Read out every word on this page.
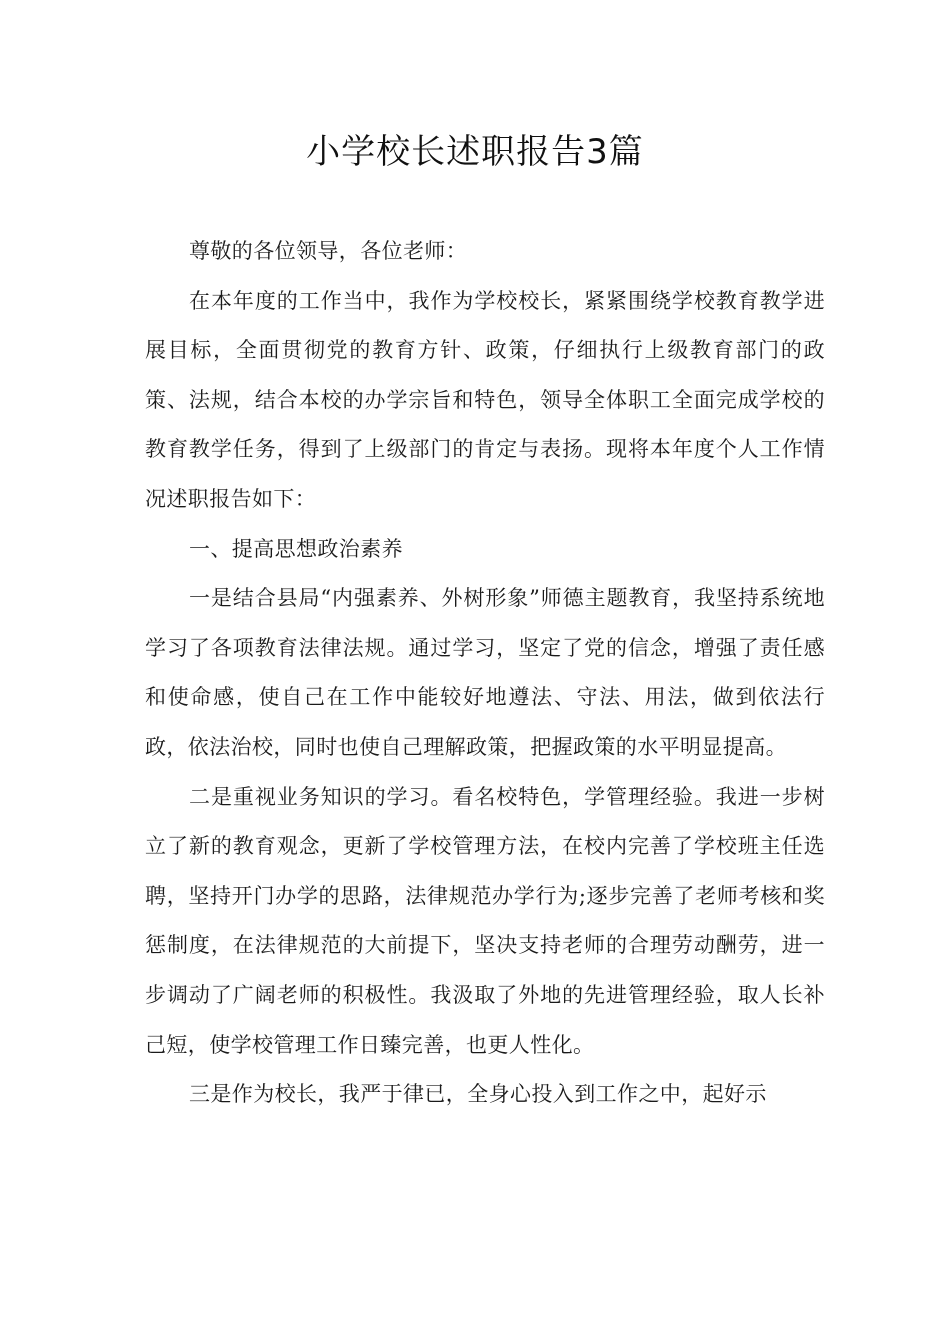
小学校长述职报告3篇

尊敬的各位领导，各位老师：

在本年度的工作当中，我作为学校校长，紧紧围绕学校教育教学进展目标，全面贯彻党的教育方针、政策，仔细执行上级教育部门的政策、法规，结合本校的办学宗旨和特色，领导全体职工全面完成学校的教育教学任务，得到了上级部门的肯定与表扬。现将本年度个人工作情况述职报告如下：

一、提高思想政治素养

一是结合县局“内强素养、外树形象”师德主题教育，我坚持系统地学习了各项教育法律法规。通过学习，坚定了党的信念，增强了责任感和使命感，使自己在工作中能较好地遵法、守法、用法，做到依法行政，依法治校，同时也使自己理解政策，把握政策的水平明显提高。

二是重视业务知识的学习。看名校特色，学管理经验。我进一步树立了新的教育观念，更新了学校管理方法，在校内完善了学校班主任选聘，坚持开门办学的思路，法律规范办学行为;逐步完善了老师考核和奖惩制度，在法律规范的大前提下，坚决支持老师的合理劳动酬劳，进一步调动了广阔老师的积极性。我汲取了外地的先进管理经验，取人长补己短，使学校管理工作日臻完善，也更人性化。

三是作为校长，我严于律已，全身心投入到工作之中，起好示
